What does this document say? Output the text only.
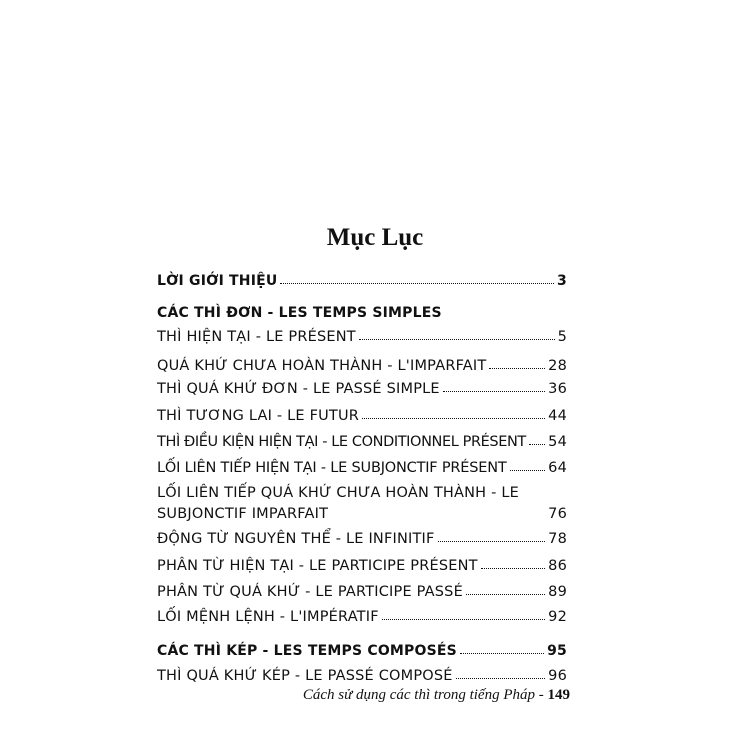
Mục Lục
LỜI GIỚI THIỆU	3
CÁC THÌ ĐƠN - LES TEMPS SIMPLES
THÌ HIỆN TẠI - LE PRÉSENT	5
QUÁ KHỨ CHƯA HOÀN THÀNH - L'IMPARFAIT	28
THÌ QUÁ KHỨ ĐƠN - LE PASSÉ SIMPLE	36
THÌ TƯƠNG LAI - LE FUTUR	44
THÌ ĐIỀU KIỆN HIỆN TẠI - LE CONDITIONNEL PRÉSENT 54
LỐI LIÊN TIẾP HIỆN TẠI - LE SUBJONCTIF PRÉSENT	64
LỐI LIÊN TIẾP QUÁ KHỨ CHƯA HOÀN THÀNH - LE
SUBJONCTIF IMPARFAIT	76
ĐỘNG TỪ NGUYÊN THỂ - LE INFINITIF	78
PHÂN TỪ HIỆN TẠI - LE PARTICIPE PRÉSENT	86
PHÂN TỪ QUÁ KHỨ - LE PARTICIPE PASSÉ	89
LỐI MỆNH LỆNH - L'IMPÉRATIF	92
CÁC THÌ KÉP - LES TEMPS COMPOSÉS	95
THÌ QUÁ KHỨ KÉP - LE PASSÉ COMPOSÉ	96
Cách sử dụng các thì trong tiếng Pháp - 149
